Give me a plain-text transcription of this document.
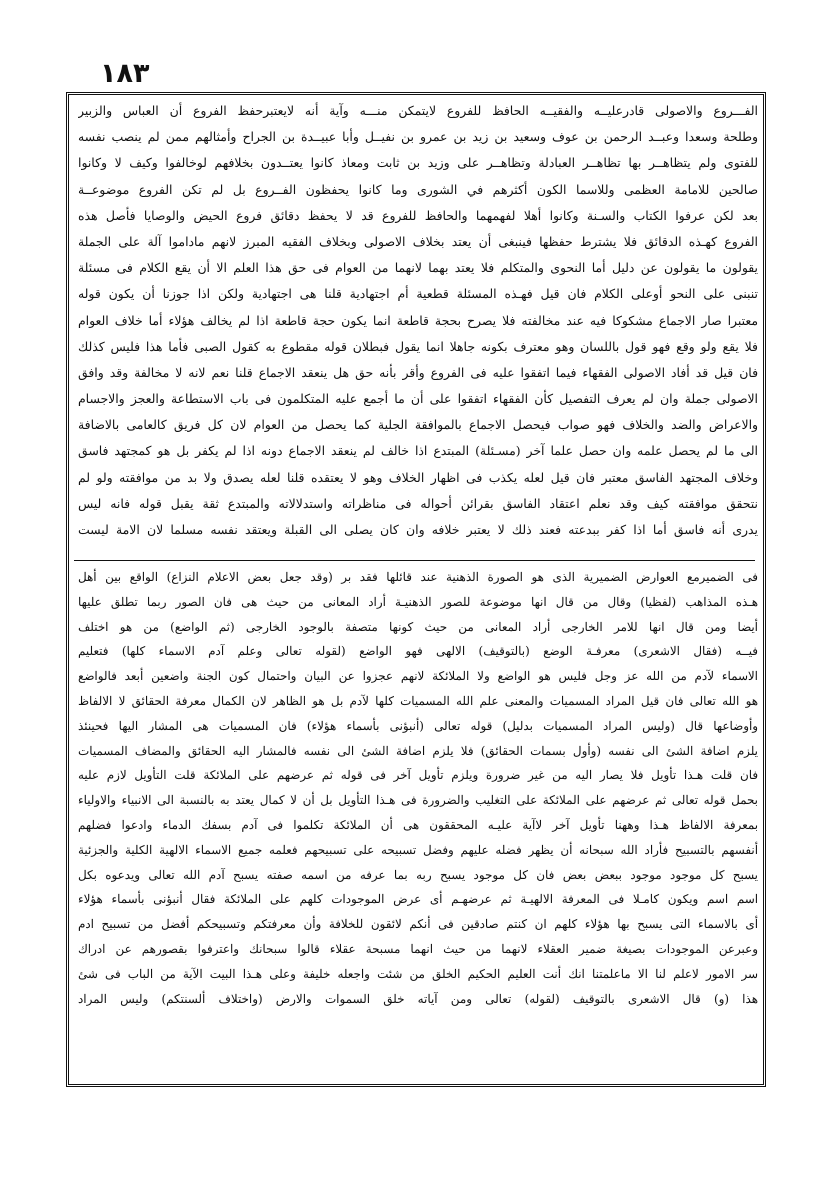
١٨٣
الفـــروع والاصولى قادرعليــه والفقيــه الحافظ للفروع لايتمكن منـــه وآية أنه لايعتبرحفظ الفروع أن العباس والزبير
وطلحة وسعدا وعبــد الرحمن بن عوف وسعيد بن زيد بن عمرو بن نفيــل وأبا عبيــدة بن الجراح وأمثالهم ممن لم ينصب نفسه
للفتوى ولم يتظاهــر بها تظاهــر العبادلة وتظاهــر على وزيد بن ثابت ومعاذ كانوا يعتــدون بخلافهم لوخالفوا وكيف لا وكانوا
صالحين للامامة العظمى وللاسما الكون أكثرهم في الشورى وما كانوا يحفظون الفــروع بل لم تكن الفروع موضوعــة
بعد لكن عرفوا الكتاب والسـنة وكانوا أهلا لفهمهما والحافظ للفروع قد لا يحفظ دقائق فروع الحيض والوصايا فأصل هذه
الفروع كهـذه الدقائق فلا يشترط حفظها فينبغى أن يعتد بخلاف الاصولى وبخلاف الفقيه المبرز لانهم ماداموا آلة على الجملة
يقولون ما يقولون عن دليل أما النحوى والمتكلم فلا يعتد بهما لانهما من العوام فى حق هذا العلم الا أن يقع الكلام فى مسئلة
تنبنى على النحو أوعلى الكلام فان قيل فهـذه المسئلة قطعية أم اجتهادية قلنا هى اجتهادية ولكن اذا جوزنا أن يكون قوله
معتبرا صار الاجماع مشكوكا فيه عند مخالفته فلا يصرح بحجة قاطعة انما يكون حجة قاطعة اذا لم يخالف هؤلاء أما خلاف العوام
فلا يقع ولو وقع فهو قول باللسان وهو معترف بكونه جاهلا انما يقول فبطلان قوله مقطوع به كقول الصبى فأما هذا فليس كذلك
فان قيل قد أفاد الاصولى الفقهاء فيما اتفقوا عليه فى الفروع وأقر بأنه حق هل ينعقد الاجماع قلنا نعم لانه لا مخالفة وقد وافق
الاصولى جملة وان لم يعرف التفصيل كأن الفقهاء اتفقوا على أن ما أجمع عليه المتكلمون فى باب الاستطاعة والعجز والاجسام
والاعراض والضد والخلاف فهو صواب فيحصل الاجماع بالموافقة الجلية كما يحصل من العوام لان كل فريق كالعامى بالاضافة
الى ما لم يحصل علمه وان حصل علما آخر (مسـئلة) المبتدع اذا خالف لم ينعقد الاجماع دونه اذا لم يكفر بل هو كمجتهد فاسق
وخلاف المجتهد الفاسق معتبر فان قيل لعله يكذب فى اظهار الخلاف وهو لا يعتقده قلنا لعله يصدق ولا بد من موافقته ولو لم
نتحقق موافقته كيف وقد نعلم اعتقاد الفاسق بقرائن أحواله فى مناظراته واستدلالاته والمبتدع ثقة يقبل قوله فانه ليس
يدرى أنه فاسق أما اذا كفر ببدعته فعند ذلك لا يعتبر خلافه وان كان يصلى الى القبلة ويعتقد نفسه مسلما لان الامة ليست
فى الضميرمع العوارض الضميرية الذى هو الصورة الذهنية عند قائلها فقد بر (وقد جعل بعض الاعلام النزاع) الواقع بين أهل
هـذه المذاهب (لفظيا) وقال من قال انها موضوعة للصور الذهنيـة أراد المعانى من حيث هى فان الصور ربما تطلق عليها
أيضا ومن قال انها للامر الخارجى أراد المعانى من حيث كونها متصفة بالوجود الخارجى (ثم الواضع) من هو اختلف
فيــه (فقال الاشعرى) معرفـة الوضع (بالتوقيف) الالهى فهو الواضع (لقوله تعالى وعلم آدم الاسماء كلها) فتعليم
الاسماء لآدم من الله عز وجل فليس هو الواضع ولا الملائكة لانهم عجزوا عن البيان واحتمال كون الجنة واضعين أبعد فالواضع
هو الله تعالى فان قيل المراد المسميات والمعنى علم الله المسميات كلها لآدم بل هو الظاهر لان الكمال معرفة الحقائق لا الالفاظ
وأوضاعها قال (وليس المراد المسميات بدليل) قوله تعالى (أنبؤنى بأسماء هؤلاء) فان المسميات هى المشار اليها فحينئذ
يلزم اضافة الشئ الى نفسه (وأول بسمات الحقائق) فلا يلزم اضافة الشئ الى نفسه فالمشار اليه الحقائق والمضاف المسميات
فان قلت هـذا تأويل فلا يصار اليه من غير ضرورة ويلزم تأويل آخر فى قوله ثم عرضهم على الملائكة قلت التأويل لازم عليه
بحمل قوله تعالى ثم عرضهم على الملائكة على التغليب والضرورة فى هـذا التأويل بل أن لا كمال يعتد به بالنسبة الى الانبياء والاولياء
بمعرفة الالفاظ هـذا وههنا تأويل آخر لاآية عليـه المحققون هى أن الملائكة تكلموا فى آدم بسفك الدماء وادعوا فضلهم
أنفسهم بالتسبيح فأراد الله سبحانه أن يظهر فضله عليهم وفضل تسبيحه على تسبيحهم فعلمه جميع الاسماء الالهية الكلية والجزئية
يسبح كل موجود موجود ببعض بعض فان كل موجود يسبح ربه بما عرفه من اسمه صفته يسبح آدم الله تعالى ويدعوه بكل
اسم اسم ويكون كامـلا فى المعرفة الالهيـة ثم عرضهـم أى عرض الموجودات كلهم على الملائكة فقال أنبؤنى بأسماء هؤلاء
أى بالاسماء التى يسبح بها هؤلاء كلهم ان كنتم صادقين فى أنكم لائقون للخلافة وأن معرفتكم وتسبيحكم أفضل من تسبيح ادم
وعبرعن الموجودات بصيغة ضمير العقلاء لانهما من حيث انهما مسبحة عقلاء قالوا سبحانك واعترفوا بقصورهم عن ادراك
سر الامور لاعلم لنا الا ماعلمتنا انك أنت العليم الحكيم الخلق من شئت واجعله خليفة وعلى هـذا البيت الآية من الباب فى شئ
هذا (و) قال الاشعرى بالتوقيف (لقوله) تعالى ومن آياته خلق السموات والارض (واختلاف ألسنتكم) وليس المراد
